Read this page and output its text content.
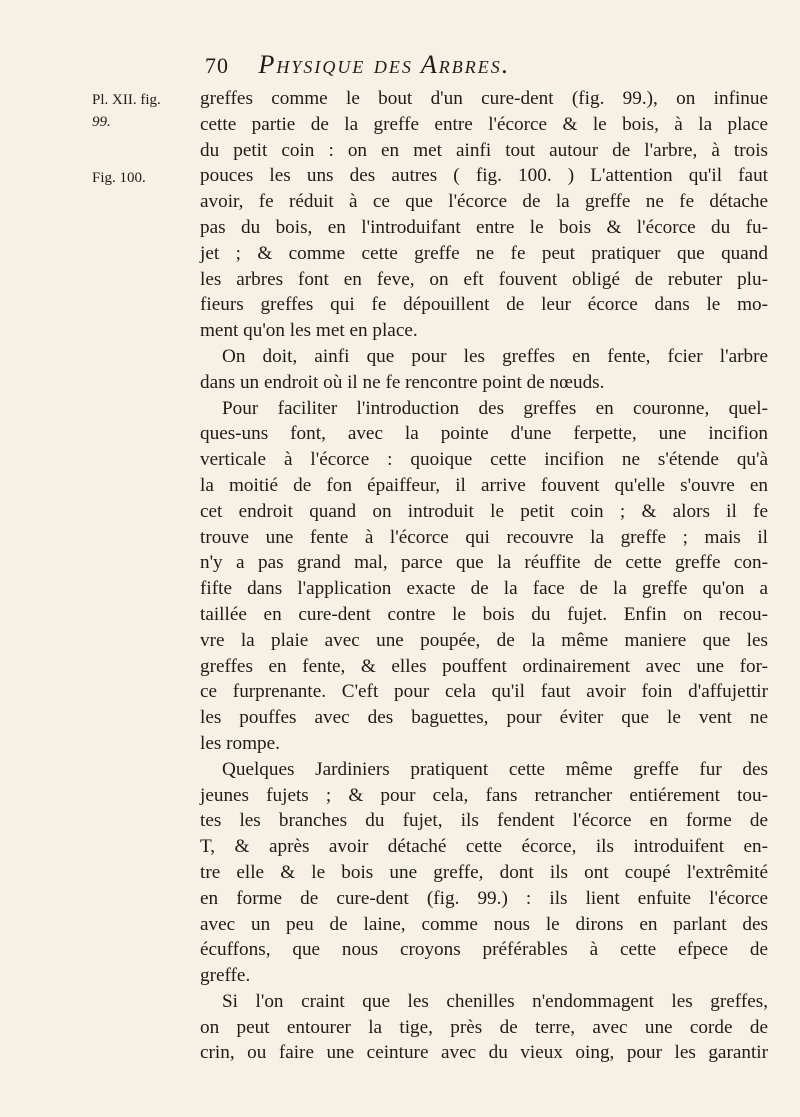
70 Physique des Arbres.
Pl. XII. fig.
99.
Fig. 100.
greffes comme le bout d'un cure-dent (fig. 99.), on infinue
cette partie de la greffe entre l'écorce & le bois, à la place
du petit coin : on en met ainfi tout autour de l'arbre, à trois
pouces les uns des autres ( fig. 100. ) L'attention qu'il faut
avoir, fe réduit à ce que l'écorce de la greffe ne fe détache
pas du bois, en l'introduifant entre le bois & l'écorce du fu-
jet ; & comme cette greffe ne fe peut pratiquer que quand
les arbres font en feve, on eft fouvent obligé de rebuter plu-
fieurs greffes qui fe dépouillent de leur écorce dans le mo-
ment qu'on les met en place.
On doit, ainfi que pour les greffes en fente, fcier l'arbre
dans un endroit où il ne fe rencontre point de nœuds.
Pour faciliter l'introduction des greffes en couronne, quel-
ques-uns font, avec la pointe d'une ferpette, une incifion
verticale à l'écorce : quoique cette incifion ne s'étende qu'à
la moitié de fon épaiffeur, il arrive fouvent qu'elle s'ouvre en
cet endroit quand on introduit le petit coin ; & alors il fe
trouve une fente à l'écorce qui recouvre la greffe ; mais il
n'y a pas grand mal, parce que la réuffite de cette greffe con-
fifte dans l'application exacte de la face de la greffe qu'on a
taillée en cure-dent contre le bois du fujet. Enfin on recou-
vre la plaie avec une poupée, de la même maniere que les
greffes en fente, & elles pouffent ordinairement avec une for-
ce furprenante. C'eft pour cela qu'il faut avoir foin d'affujettir
les pouffes avec des baguettes, pour éviter que le vent ne
les rompe.
Quelques Jardiniers pratiquent cette même greffe fur des
jeunes fujets ; & pour cela, fans retrancher entiérement tou-
tes les branches du fujet, ils fendent l'écorce en forme de
T, & après avoir détaché cette écorce, ils introduifent en-
tre elle & le bois une greffe, dont ils ont coupé l'extrêmité
en forme de cure-dent (fig. 99.) : ils lient enfuite l'écorce
avec un peu de laine, comme nous le dirons en parlant des
écuffons, que nous croyons préférables à cette efpece de
greffe.
Si l'on craint que les chenilles n'endommagent les greffes,
on peut entourer la tige, près de terre, avec une corde de
crin, ou faire une ceinture avec du vieux oing, pour les garantir
